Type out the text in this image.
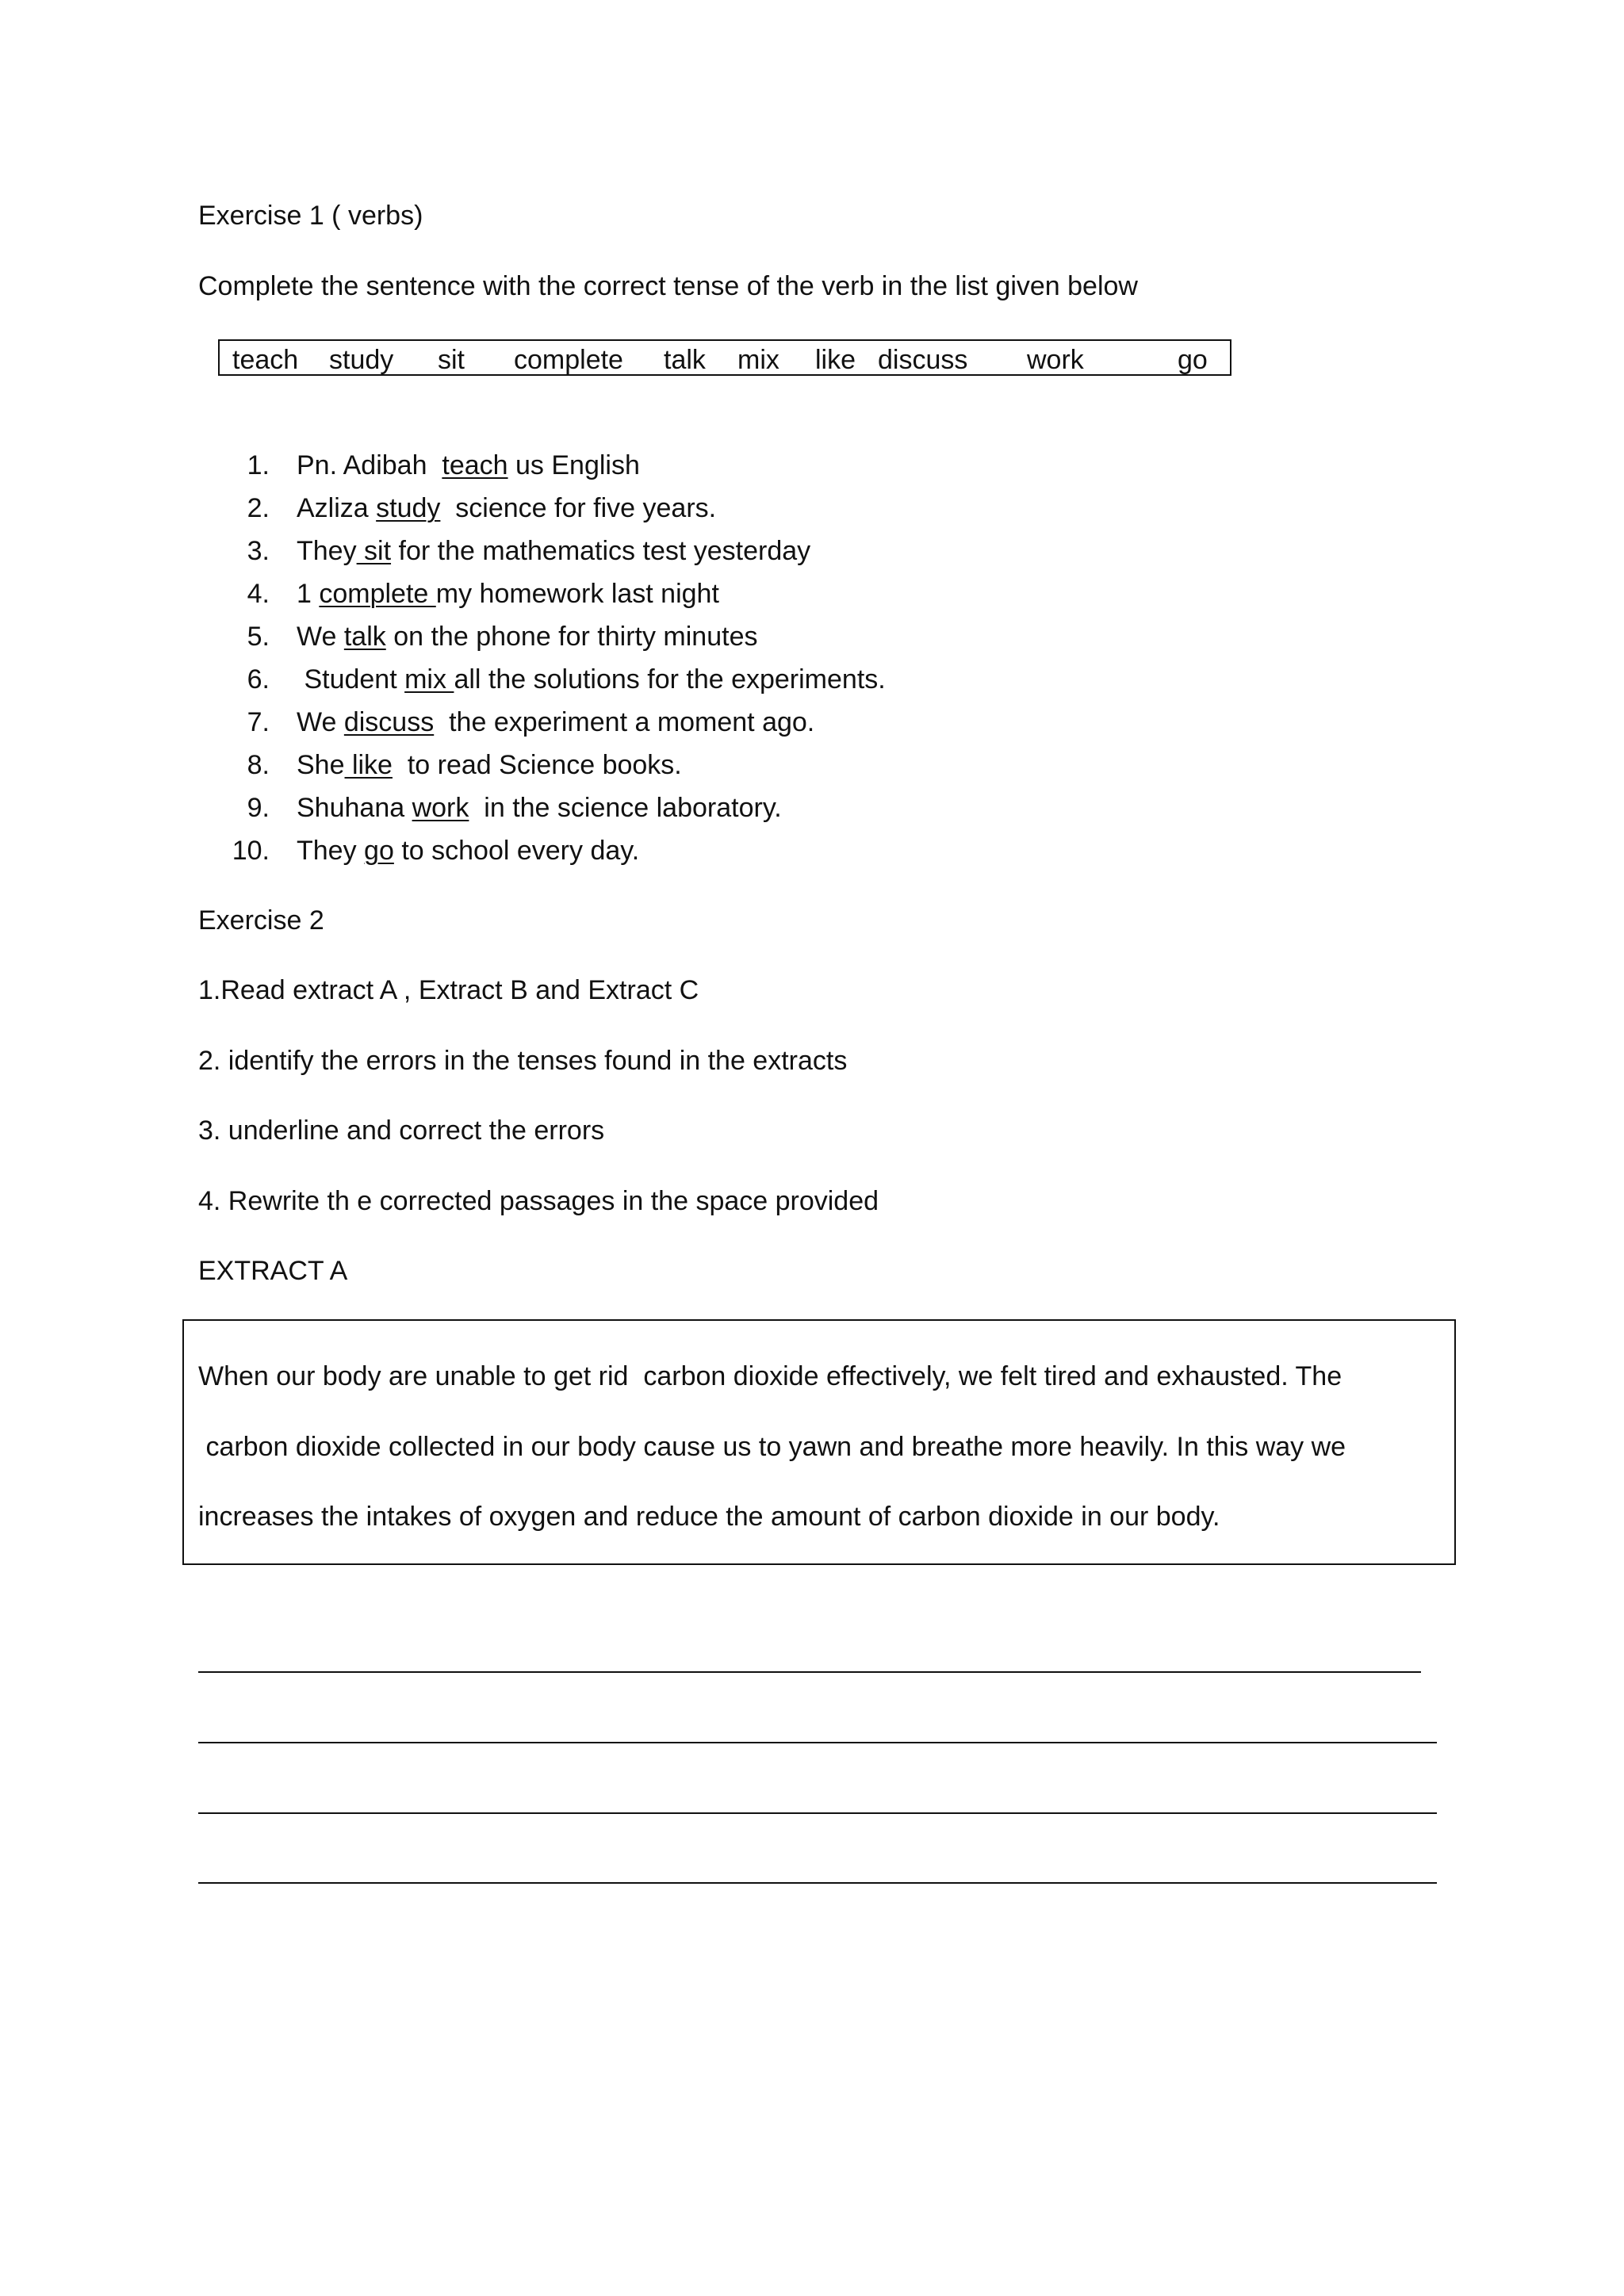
Exercise 1 ( verbs)
Complete the sentence with the correct tense of the verb in the list given below
teach study sit complete talk mix like discuss work	go
1. Pn. Adibah  teach us English
2. Azliza study  science for five years.
3. They sit for the mathematics test yesterday
4. 1 complete my homework last night
5. We talk on the phone for thirty minutes
6. Student mix all the solutions for the experiments.
7. We discuss  the experiment a moment ago.
8. She like  to read Science books.
9. Shuhana work  in the science laboratory.
10. They go to school every day.
Exercise 2
1.Read extract A , Extract B and Extract C
2. identify the errors in the tenses found in the extracts
3. underline and correct the errors
4. Rewrite th e corrected passages in the space provided
EXTRACT A
When our body are unable to get rid  carbon dioxide effectively, we felt tired and exhausted. The
carbon dioxide collected in our body cause us to yawn and breathe more heavily. In this way we
increases the intakes of oxygen and reduce the amount of carbon dioxide in our body.
